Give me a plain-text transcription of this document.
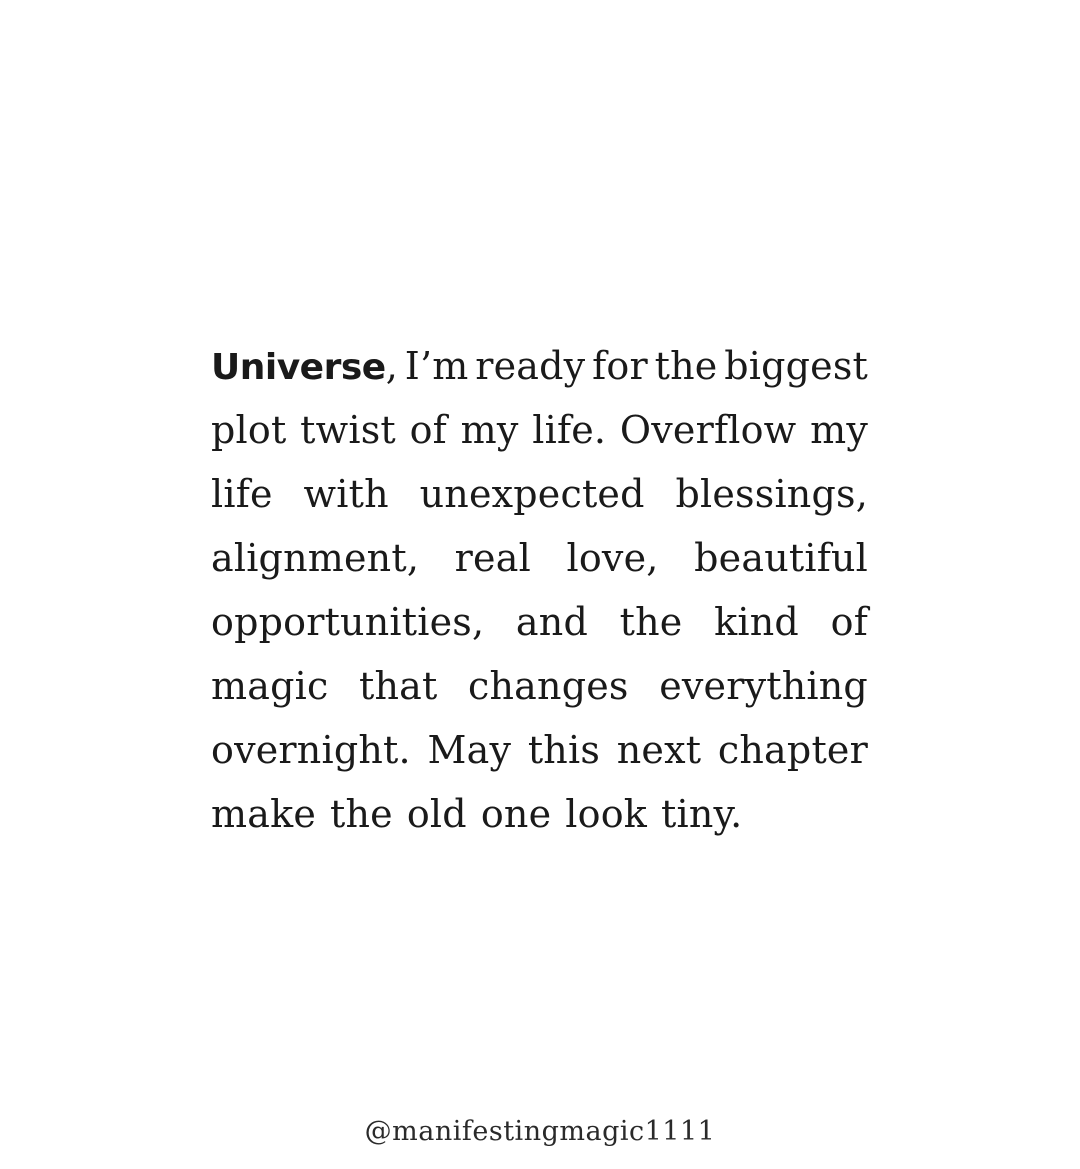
Universe, I’m ready for the biggest
plot twist of my life. Overflow my
life with unexpected blessings,
alignment, real love, beautiful
opportunities, and the kind of
magic that changes everything
overnight. May this next chapter
make the old one look tiny.
@manifestingmagic1111
